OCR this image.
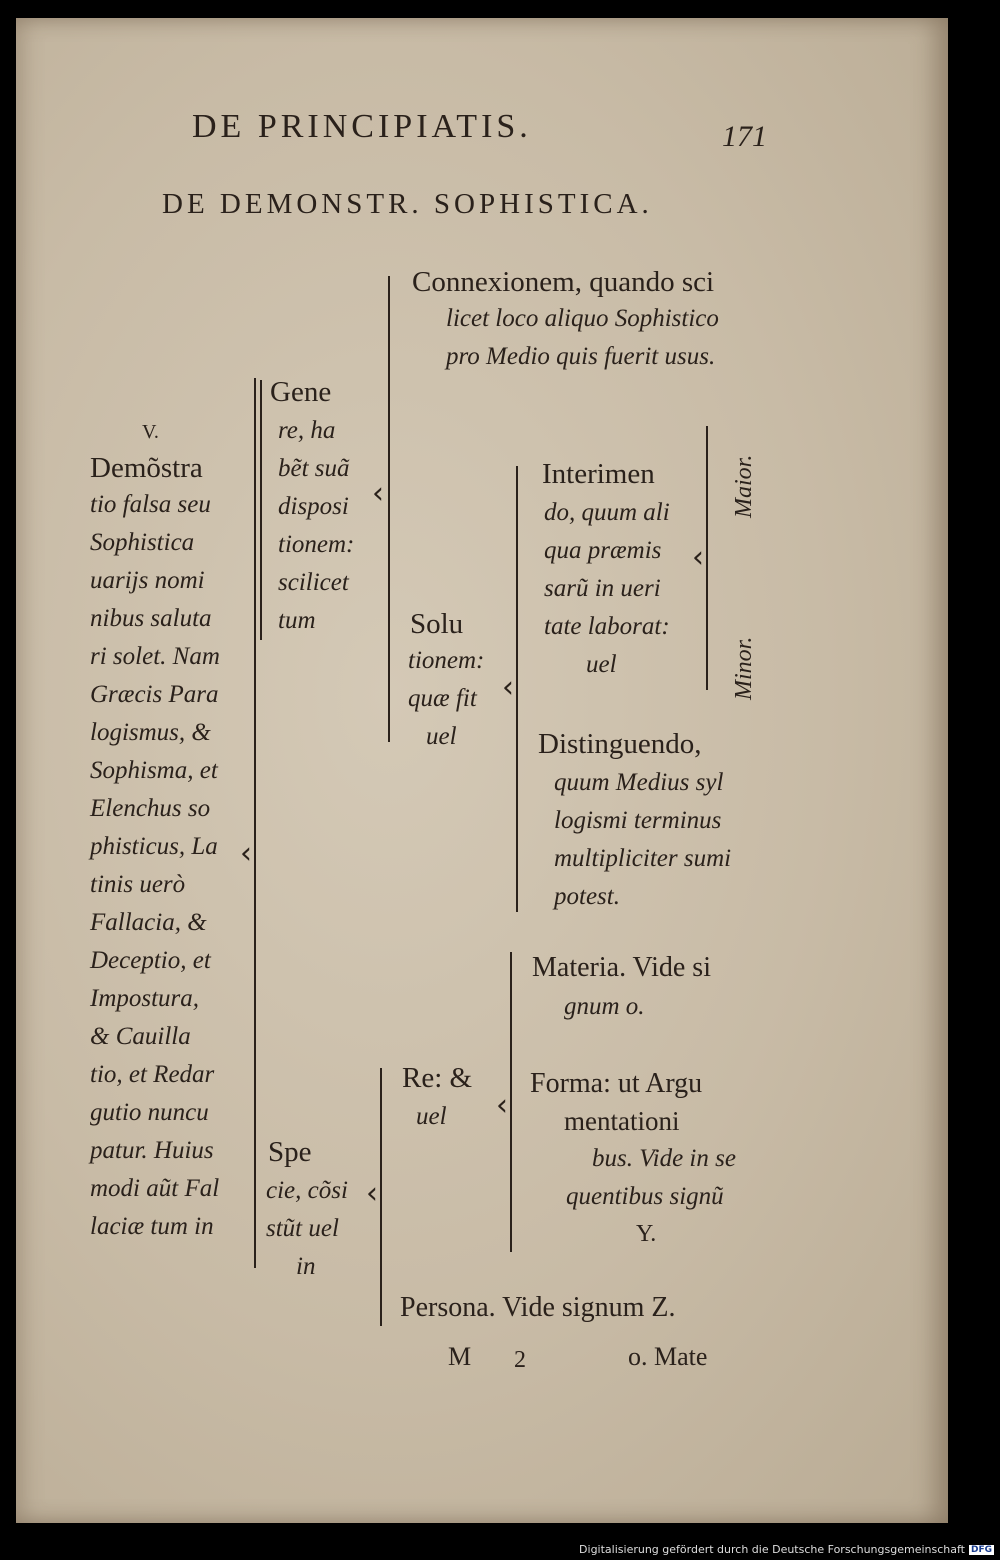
DE PRINCIPIATIS.	171
DE DEMONSTR. SOPHISTICA.
V.
Demõstra
tio falsa seu
Sophistica
uarijs nomi
nibus saluta
ri solet. Nam
Græcis Para
logismus, &
Sophisma, et
Elenchus so
phisticus, La
tinis uerò
Fallacia, &
Deceptio, et
Impostura,
& Cauilla
tio, et Redar
gutio nuncu
patur. Huius
modi aũt Fal
laciæ tum in
‹
Gene
re, ha
bẽt suã
disposi
tionem:
scilicet
tum
‹
Connexionem, quando sci
licet loco aliquo Sophistico
pro Medio quis fuerit usus.
Solu
tionem:
quæ fit
uel
‹
Interimen
do, quum ali
qua præmis
sarũ in ueri
tate laborat:
uel
‹
Maior.
Minor.
Distinguendo,
quum Medius syl
logismi terminus
multipliciter sumi
potest.
Spe
cie, cõsi
stũt uel
in
‹
Re: &
uel ‹
Materia. Vide si
gnum o.
Forma: ut Argu
mentationi
bus. Vide in se
quentibus signũ
Y.
Persona. Vide signum Z.
M 2	o. Mate
Digitalisierung gefördert durch die Deutsche Forschungsgemeinschaft DFG
